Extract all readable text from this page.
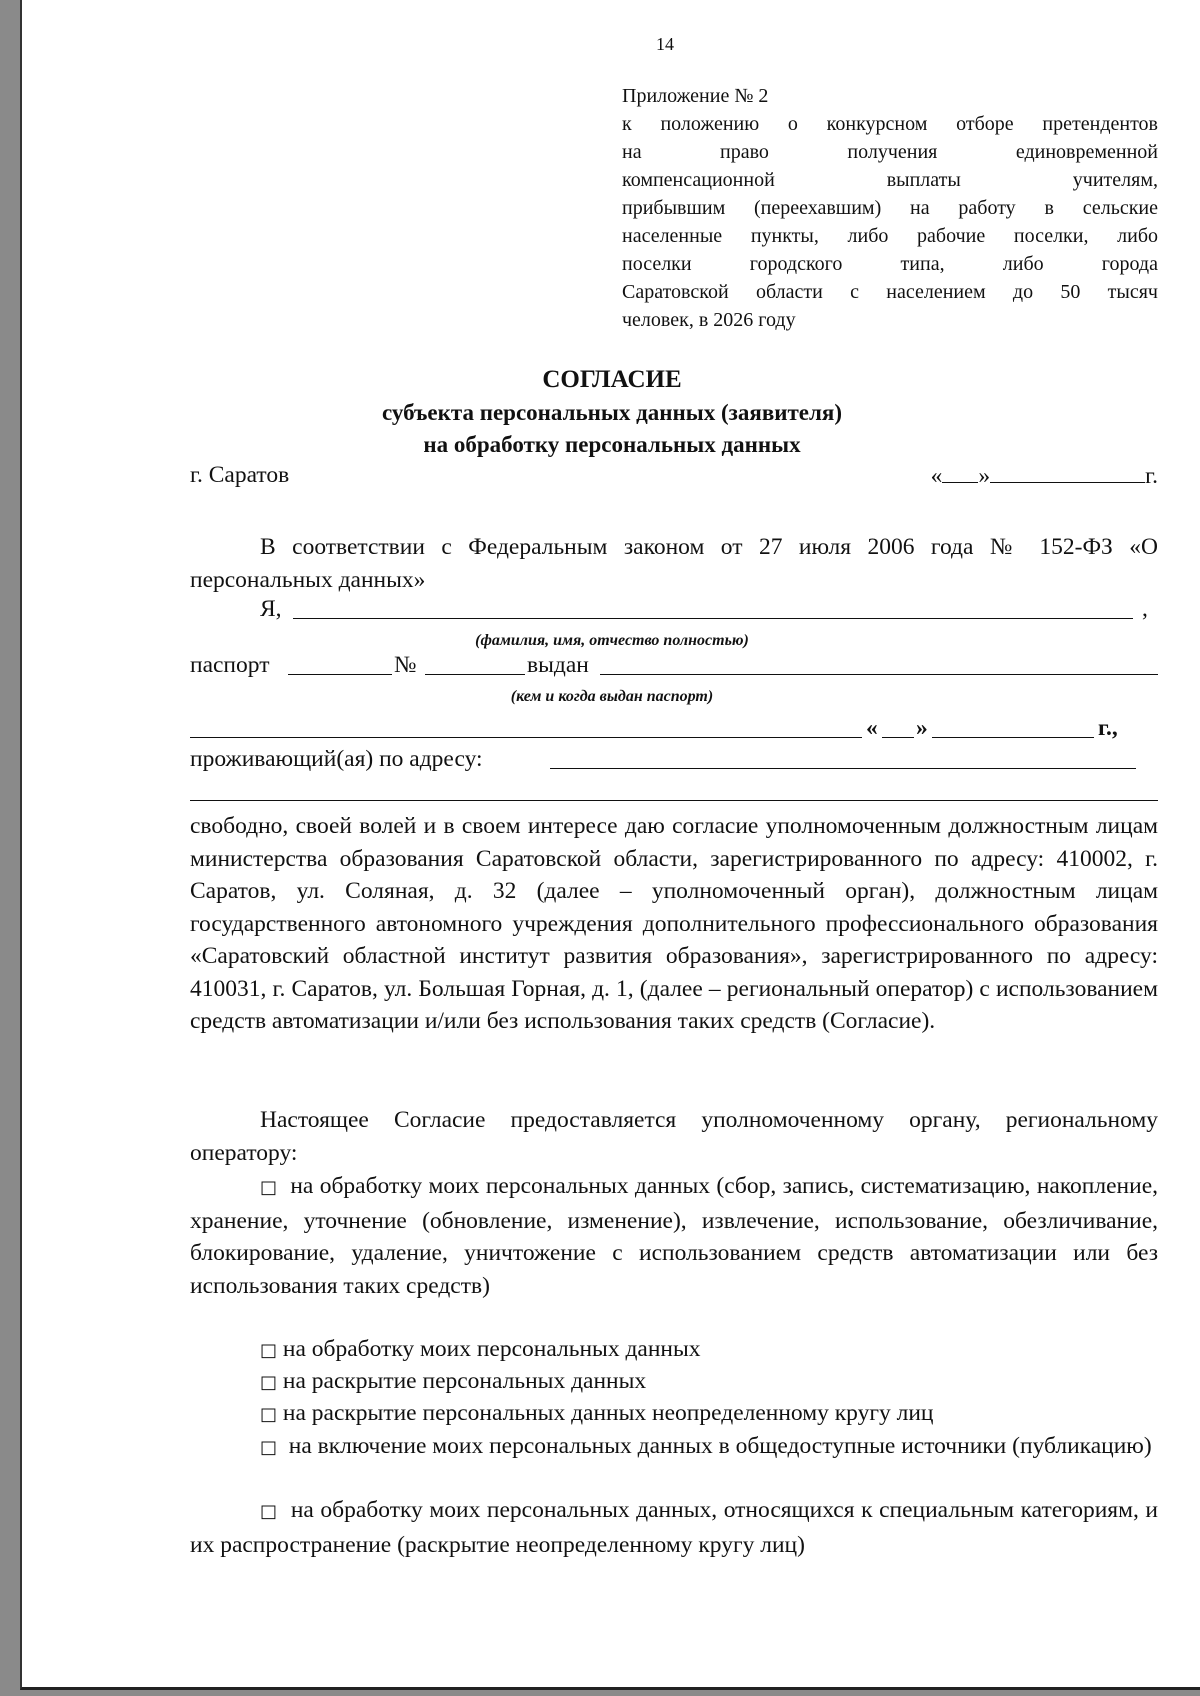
14
Приложение № 2
к положению о конкурсном отборе претендентов
на право получения единовременной
компенсационной выплаты учителям,
прибывшим (переехавшим) на работу в сельские
населенные пункты, либо рабочие поселки, либо
поселки городского типа, либо города
Саратовской области с населением до 50 тысяч
человек, в 2026 году
СОГЛАСИЕ
субъекта персональных данных (заявителя)
на обработку персональных данных
г. Саратов	« »	г.
В соответствии с Федеральным законом от 27 июля 2006 года № 152-ФЗ «О персональных данных»
Я,	,
(фамилия, имя, отчество полностью)
паспорт	№	выдан
(кем и когда выдан паспорт)
« »	г.,
проживающий(ая) по адресу:
свободно, своей волей и в своем интересе даю согласие уполномоченным должностным лицам министерства образования Саратовской области, зарегистрированного по адресу: 410002, г. Саратов, ул. Соляная, д. 32 (далее – уполномоченный орган), должностным лицам государственного автономного учреждения дополнительного профессионального образования «Саратовский областной институт развития образования», зарегистрированного по адресу: 410031, г. Саратов, ул. Большая Горная, д. 1, (далее – региональный оператор) с использованием средств автоматизации и/или без использования таких средств (Согласие).
Настоящее Согласие предоставляется уполномоченному органу, региональному оператору:
□ на обработку моих персональных данных (сбор, запись, систематизацию, накопление, хранение, уточнение (обновление, изменение), извлечение, использование, обезличивание, блокирование, удаление, уничтожение с использованием средств автоматизации или без использования таких средств)
□ на обработку моих персональных данных
□ на раскрытие персональных данных
□ на раскрытие персональных данных неопределенному кругу лиц
□ на включение моих персональных данных в общедоступные источники (публикацию)
□ на обработку моих персональных данных, относящихся к специальным категориям, и их распространение (раскрытие неопределенному кругу лиц)
